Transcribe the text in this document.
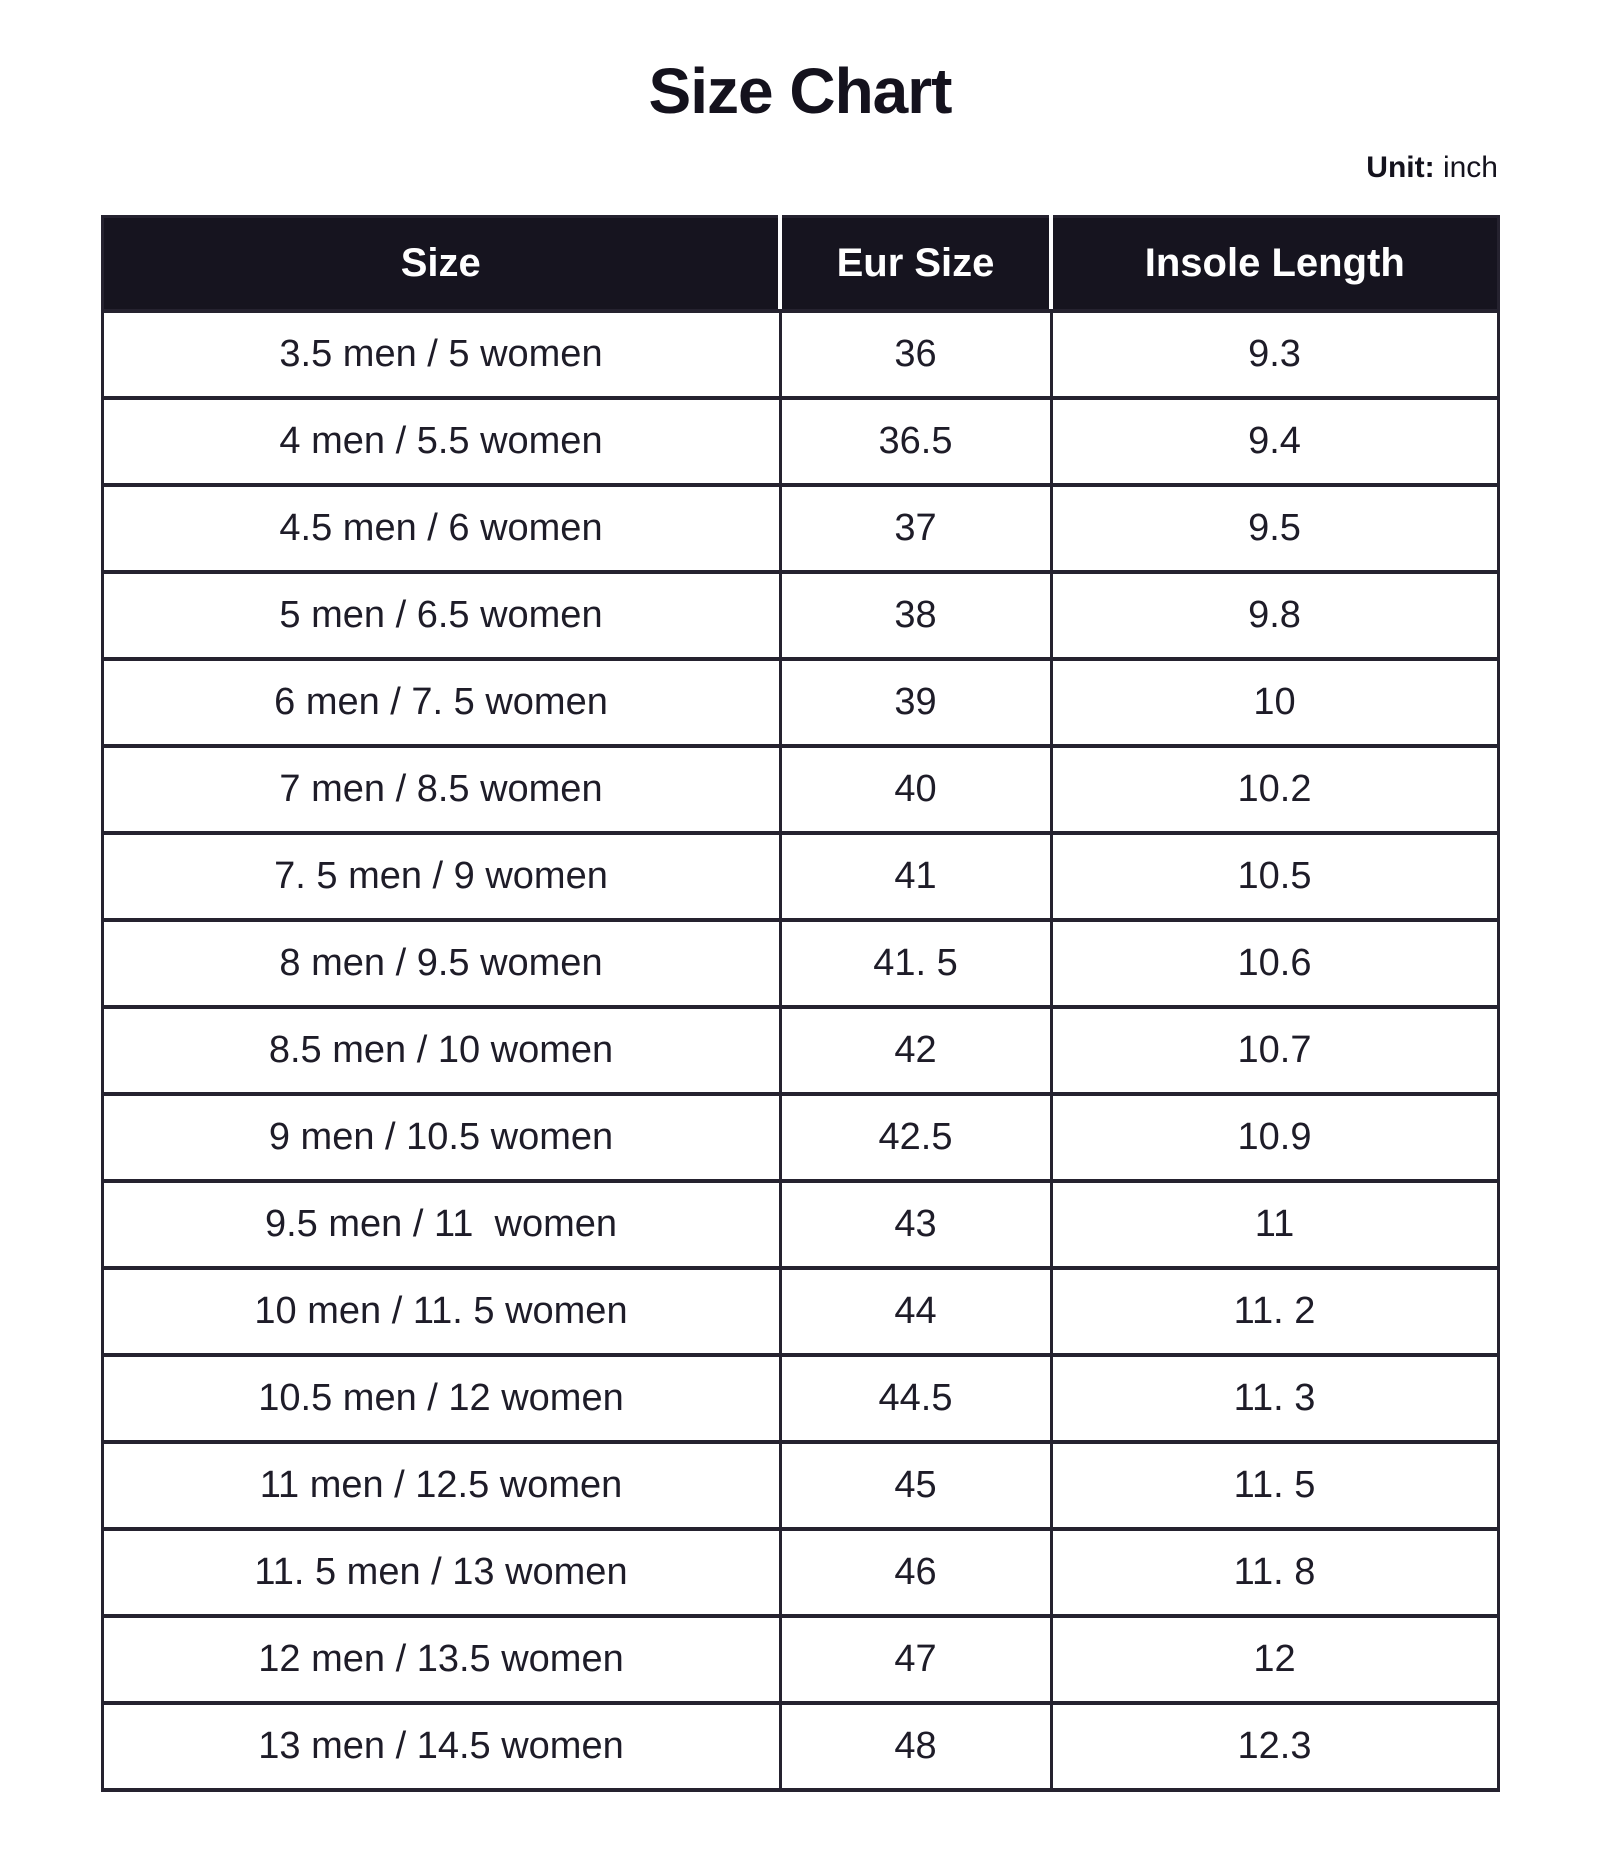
Size Chart
Unit: inch
Size	Eur Size	Insole Length
3.5 men / 5 women	36	9.3
4 men / 5.5 women	36.5	9.4
4.5 men / 6 women	37	9.5
5 men / 6.5 women	38	9.8
6 men / 7. 5 women	39	10
7 men / 8.5 women	40	10.2
7. 5 men / 9 women	41	10.5
8 men / 9.5 women	41. 5	10.6
8.5 men / 10 women	42	10.7
9 men / 10.5 women	42.5	10.9
9.5 men / 11  women	43	11
10 men / 11. 5 women	44	11. 2
10.5 men / 12 women	44.5	11. 3
11 men / 12.5 women	45	11. 5
11. 5 men / 13 women	46	11. 8
12 men / 13.5 women	47	12
13 men / 14.5 women	48	12.3
